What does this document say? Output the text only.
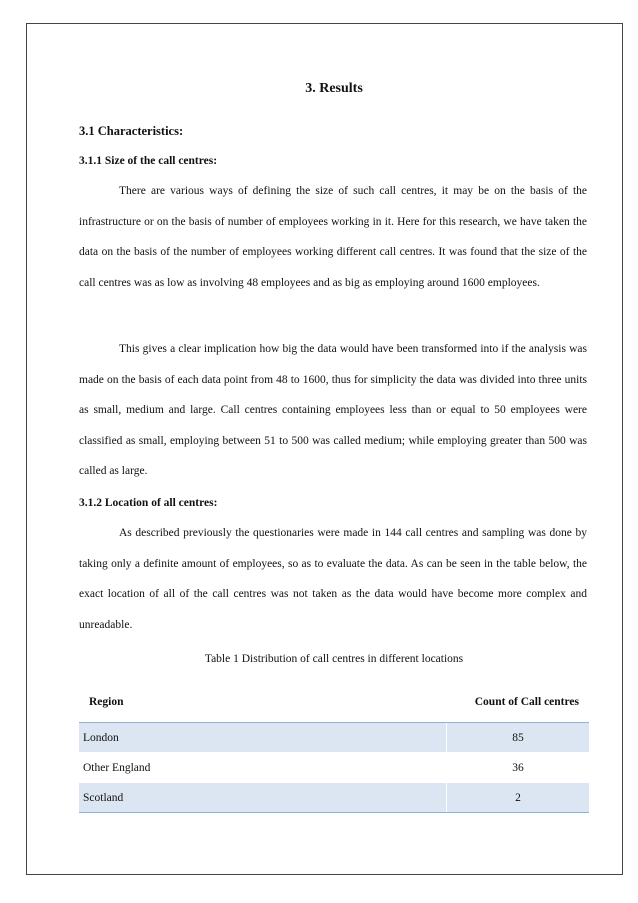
3. Results
3.1 Characteristics:
3.1.1 Size of the call centres:

There are various ways of defining the size of such call centres, it may be on the basis of the infrastructure or on the basis of number of employees working in it. Here for this research, we have taken the data on the basis of the number of employees working different call centres. It was found that the size of the call centres was as low as involving 48 employees and as big as employing around 1600 employees.

This gives a clear implication how big the data would have been transformed into if the analysis was made on the basis of each data point from 48 to 1600, thus for simplicity the data was divided into three units as small, medium and large. Call centres containing employees less than or equal to 50 employees were classified as small, employing between 51 to 500 was called medium; while employing greater than 500 was called as large.

3.1.2 Location of all centres:

As described previously the questionaries were made in 144 call centres and sampling was done by taking only a definite amount of employees, so as to evaluate the data. As can be seen in the table below, the exact location of all of the call centres was not taken as the data would have become more complex and unreadable.

Table 1 Distribution of call centres in different locations
Region	Count of Call centres
London	85
Other England	36
Scotland	2
